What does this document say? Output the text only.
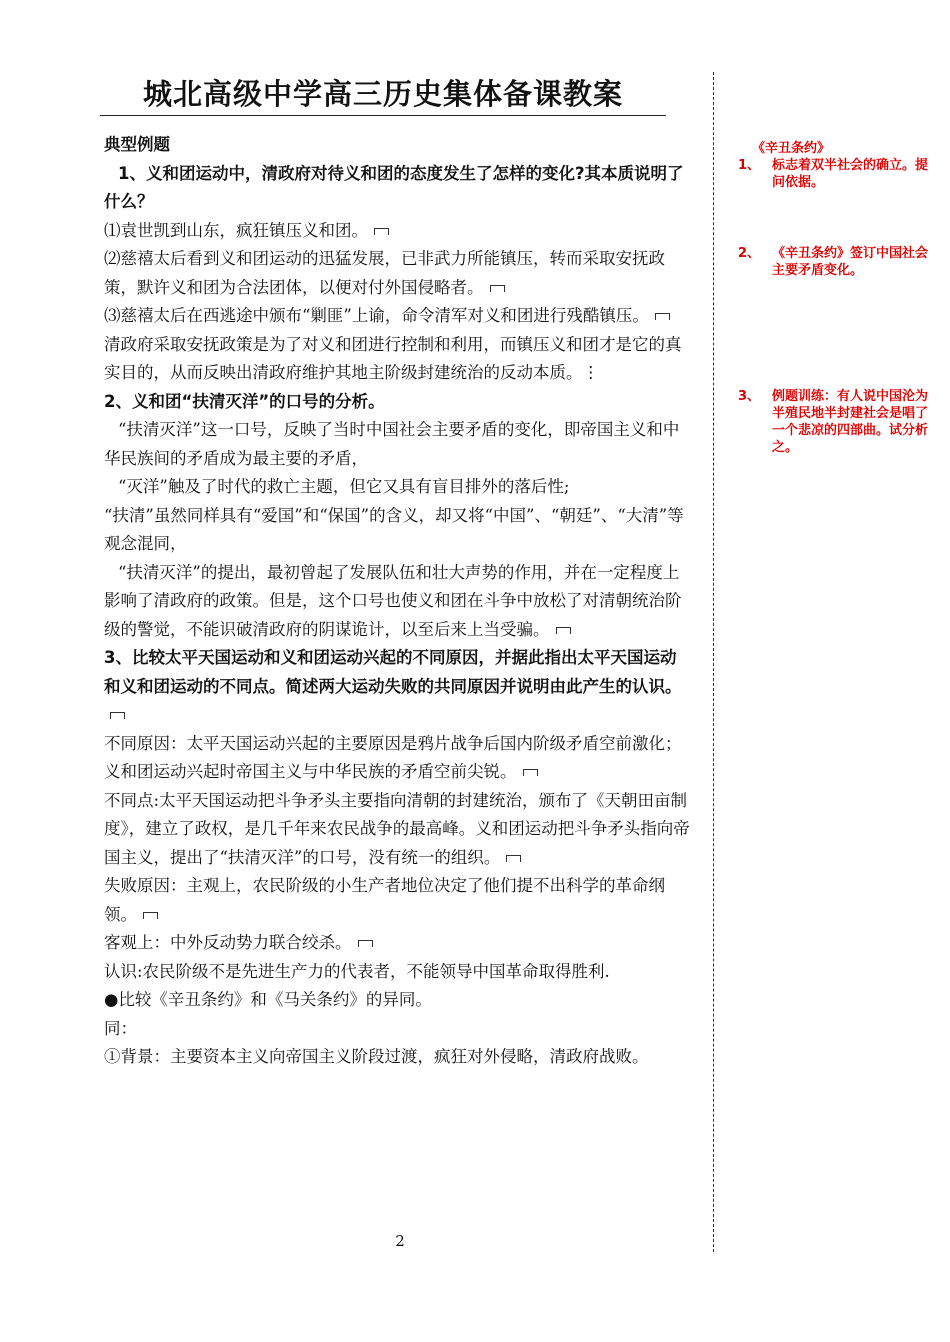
城北高级中学高三历史集体备课教案

典型例题

1、义和团运动中，清政府对待义和团的态度发生了怎样的变化?其本质说明了什么？

⑴袁世凯到山东，疯狂镇压义和团。

⑵慈禧太后看到义和团运动的迅猛发展，已非武力所能镇压，转而采取安抚政策，默许义和团为合法团体，以便对付外国侵略者。

⑶慈禧太后在西逃途中颁布“剿匪”上谕，命令清军对义和团进行残酷镇压。

清政府采取安抚政策是为了对义和团进行控制和利用，而镇压义和团才是它的真实目的，从而反映出清政府维护其地主阶级封建统治的反动本质。⋮

2、义和团“扶清灭洋”的口号的分析。

“扶清灭洋”这一口号，反映了当时中国社会主要矛盾的变化，即帝国主义和中华民族间的矛盾成为最主要的矛盾，

“灭洋”触及了时代的救亡主题，但它又具有盲目排外的落后性;

“扶清”虽然同样具有“爱国”和“保国”的含义，却又将“中国”、“朝廷”、“大清”等观念混同，

“扶清灭洋”的提出，最初曾起了发展队伍和壮大声势的作用，并在一定程度上影响了清政府的政策。但是，这个口号也使义和团在斗争中放松了对清朝统治阶级的警觉，不能识破清政府的阴谋诡计，以至后来上当受骗。

3、比较太平天国运动和义和团运动兴起的不同原因，并据此指出太平天国运动和义和团运动的不同点。简述两大运动失败的共同原因并说明由此产生的认识。

不同原因：太平天国运动兴起的主要原因是鸦片战争后国内阶级矛盾空前激化；义和团运动兴起时帝国主义与中华民族的矛盾空前尖锐。

不同点:太平天国运动把斗争矛头主要指向清朝的封建统治，颁布了《天朝田亩制度》，建立了政权，是几千年来农民战争的最高峰。义和团运动把斗争矛头指向帝国主义，提出了“扶清灭洋”的口号，没有统一的组织。

失败原因：主观上，农民阶级的小生产者地位决定了他们提不出科学的革命纲领。

客观上：中外反动势力联合绞杀。

认识:农民阶级不是先进生产力的代表者，不能领导中国革命取得胜利.

●比较《辛丑条约》和《马关条约》的异同。

同：

①背景：主要资本主义向帝国主义阶段过渡，疯狂对外侵略，清政府战败。

《辛丑条约》
1、 标志着双半社会的确立。提问依据。
2、 《辛丑条约》签订中国社会主要矛盾变化。
3、 例题训练：有人说中国沦为半殖民地半封建社会是唱了一个悲凉的四部曲。试分析之。
2
